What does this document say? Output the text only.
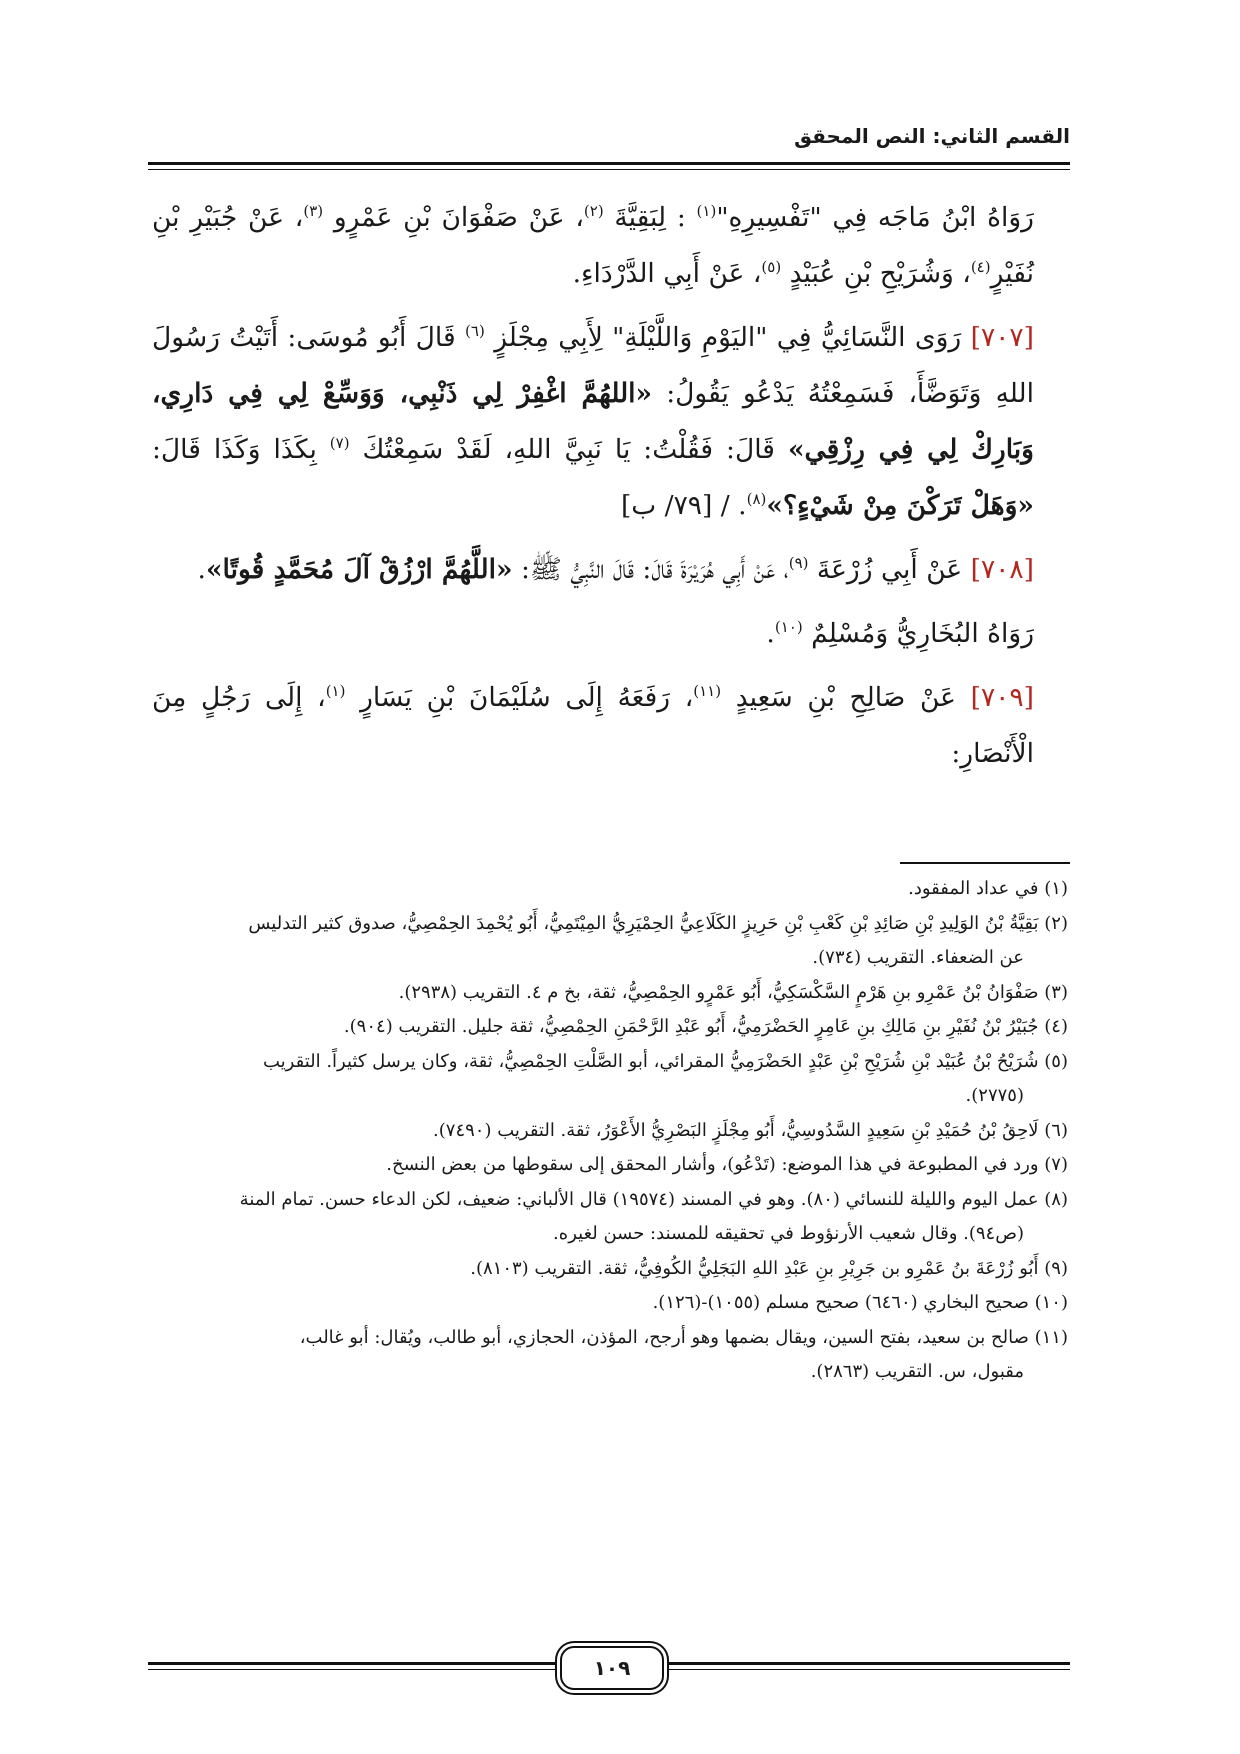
القسم الثاني: النص المحقق

رَوَاهُ ابْنُ مَاجَه فِي "تَفْسِيرِهِ"$^{(١)}$ : لِبَقِيَّةَ $^{(٢)}$، عَنْ صَفْوَانَ بْنِ عَمْرٍو $^{(٣)}$، عَنْ جُبَيْرِ بْنِ نُفَيْرٍ$^{(٤)}$، وَشُرَيْحِ بْنِ عُبَيْدٍ $^{(٥)}$، عَنْ أَبِي الدَّرْدَاءِ.

[٧٠٧] رَوَى النَّسَائِيُّ فِي "اليَوْمِ وَاللَّيْلَةِ" لِأَبِي مِجْلَزٍ $^{(٦)}$ قَالَ أَبُو مُوسَى: أَتَيْتُ رَسُولَ اللهِ وَتَوَضَّأَ، فَسَمِعْتُهُ يَدْعُو يَقُولُ: «اللهُمَّ اغْفِرْ لِي ذَنْبِي، وَوَسِّعْ لِي فِي دَارِي، وَبَارِكْ لِي فِي رِزْقِي» قَالَ: فَقُلْتُ: يَا نَبِيَّ اللهِ، لَقَدْ سَمِعْتُكَ $^{(٧)}$ بِكَذَا وَكَذَا قَالَ: «وَهَلْ تَرَكْنَ مِنْ شَيْءٍ؟»$^{(٨)}$. / [٧٩/ ب]

[٧٠٨] عَنْ أَبِي زُرْعَةَ $^{(٩)}$، عَنْ أَبِي هُرَيْرَةَ قَالَ: قَالَ النَّبِيُّ ﷺ: «اللَّهُمَّ ارْزُقْ آلَ مُحَمَّدٍ قُوتًا».

رَوَاهُ البُخَارِيُّ وَمُسْلِمٌ $^{(١٠)}$.

[٧٠٩] عَنْ صَالِحِ بْنِ سَعِيدٍ $^{(١١)}$، رَفَعَهُ إِلَى سُلَيْمَانَ بْنِ يَسَارٍ $^{(١)}$، إِلَى رَجُلٍ مِنَ الْأَنْصَارِ:

(١) في عداد المفقود.

(٢) بَقِيَّةُ بْنُ الوَلِيدِ بْنِ صَائِدِ بْنِ كَعْبِ بْنِ حَرِيزٍ الكَلَاعِيُّ الحِمْيَرِيُّ المِيْتَمِيُّ، أَبُو يُحْمِدَ الحِمْصِيُّ، صدوق كثير التدليس

عن الضعفاء. التقريب (٧٣٤).

(٣) صَفْوَانُ بْنُ عَمْرِو بنِ هَرْمٍ السَّكْسَكِيُّ، أَبُو عَمْرٍو الحِمْصِيُّ، ثقة، بخ م ٤. التقريب (٢٩٣٨).

(٤) جُبَيْرُ بْنُ نُفَيْرِ بنِ مَالِكِ بنِ عَامِرٍ الحَضْرَمِيُّ، أَبُو عَبْدِ الرَّحْمَنِ الحِمْصِيُّ، ثقة جليل. التقريب (٩٠٤).

(٥) شُرَيْحُ بْنُ عُبَيْد بْنِ شُرَيْحِ بْنِ عَبْدٍ الحَضْرَمِيُّ المقرائي، أبو الصَّلْتِ الحِمْصِيُّ، ثقة، وكان يرسل كثيراً. التقريب

(٢٧٧٥).

(٦) لَاحِقُ بْنُ حُمَيْدِ بْنِ سَعِيدٍ السَّدُوسِيُّ، أَبُو مِجْلَزٍ البَصْرِيُّ الأَعْوَرُ، ثقة. التقريب (٧٤٩٠).

(٧) ورد في المطبوعة في هذا الموضع: (تَدْعُو)، وأشار المحقق إلى سقوطها من بعض النسخ.

(٨) عمل اليوم والليلة للنسائي (٨٠). وهو في المسند (١٩٥٧٤) قال الألباني: ضعيف، لكن الدعاء حسن. تمام المنة

(ص٩٤). وقال شعيب الأرنؤوط في تحقيقه للمسند: حسن لغيره.

(٩) أَبُو زُرْعَةَ بنُ عَمْرِو بن جَرِيْرِ بنِ عَبْدِ اللهِ البَجَلِيُّ الكُوفِيُّ، ثقة. التقريب (٨١٠٣).

(١٠) صحيح البخاري (٦٤٦٠) صحيح مسلم (١٠٥٥)-(١٢٦).

(١١) صالح بن سعيد، بفتح السين، ويقال بضمها وهو أرجح، المؤذن، الحجازي، أبو طالب، ويُقال: أبو غالب،

مقبول، س. التقريب (٢٨٦٣).

١٠٩
